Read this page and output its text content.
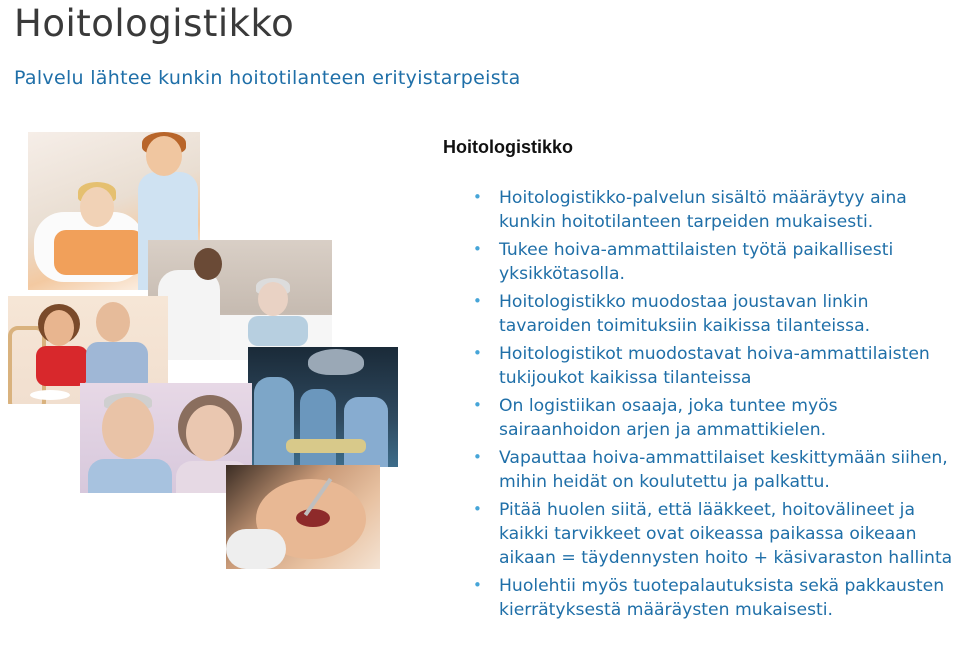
Hoitologistikko
Palvelu lähtee kunkin hoitotilanteen erityistarpeista
Hoitologistikko
• Hoitologistikko-palvelun sisältö määräytyy aina kunkin hoitotilanteen tarpeiden mukaisesti.
• Tukee hoiva-ammattilaisten työtä paikallisesti yksikkötasolla.
• Hoitologistikko muodostaa joustavan linkin tavaroiden toimituksiin kaikissa tilanteissa.
• Hoitologistikot muodostavat hoiva-ammattilaisten tukijoukot kaikissa tilanteissa
• On logistiikan osaaja, joka tuntee myös sairaanhoidon arjen ja ammattikielen.
• Vapauttaa hoiva-ammattilaiset keskittymään siihen, mihin heidät on koulutettu ja palkattu.
• Pitää huolen siitä, että lääkkeet, hoitovälineet ja kaikki tarvikkeet ovat oikeassa paikassa oikeaan aikaan = täydennysten hoito + käsivaraston hallinta
• Huolehtii myös tuotepalautuksista sekä pakkausten kierrätyksestä määräysten mukaisesti.
